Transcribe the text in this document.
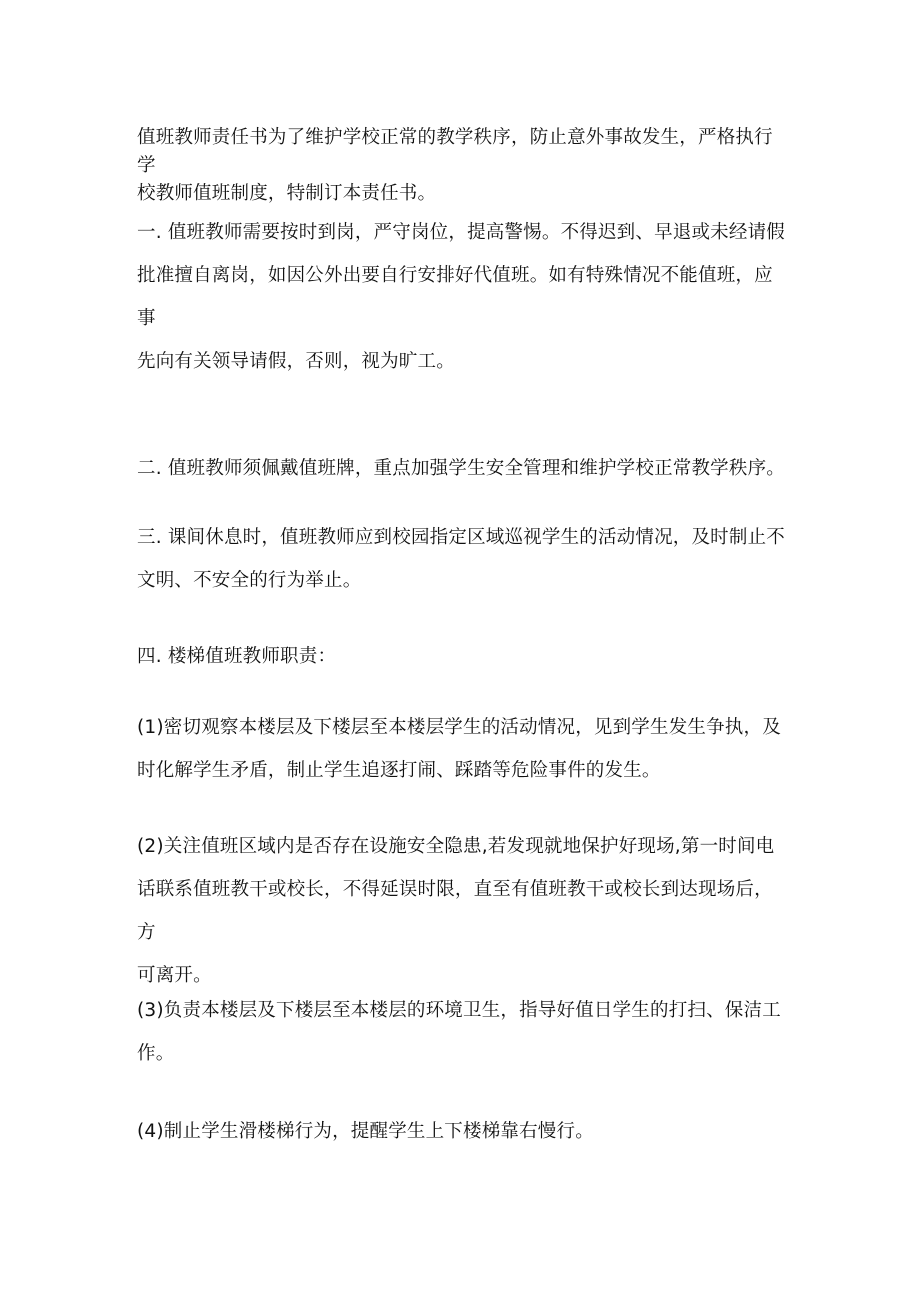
值班教师责任书为了维护学校正常的教学秩序，防止意外事故发生，严格执行学
校教师值班制度，特制订本责任书。

一. 值班教师需要按时到岗，严守岗位，提高警惕。不得迟到、早退或未经请假
批准擅自离岗，如因公外出要自行安排好代值班。如有特殊情况不能值班，应事
先向有关领导请假，否则，视为旷工。

二. 值班教师须佩戴值班牌，重点加强学生安全管理和维护学校正常教学秩序。

三. 课间休息时，值班教师应到校园指定区域巡视学生的活动情况，及时制止不
文明、不安全的行为举止。

四. 楼梯值班教师职责：

(1)密切观察本楼层及下楼层至本楼层学生的活动情况，见到学生发生争执，及
时化解学生矛盾，制止学生追逐打闹、踩踏等危险事件的发生。

(2)关注值班区域内是否存在设施安全隐患,若发现就地保护好现场,第一时间电
话联系值班教干或校长，不得延误时限，直至有值班教干或校长到达现场后，方
可离开。

(3)负责本楼层及下楼层至本楼层的环境卫生，指导好值日学生的打扫、保洁工
作。

(4)制止学生滑楼梯行为，提醒学生上下楼梯靠右慢行。
